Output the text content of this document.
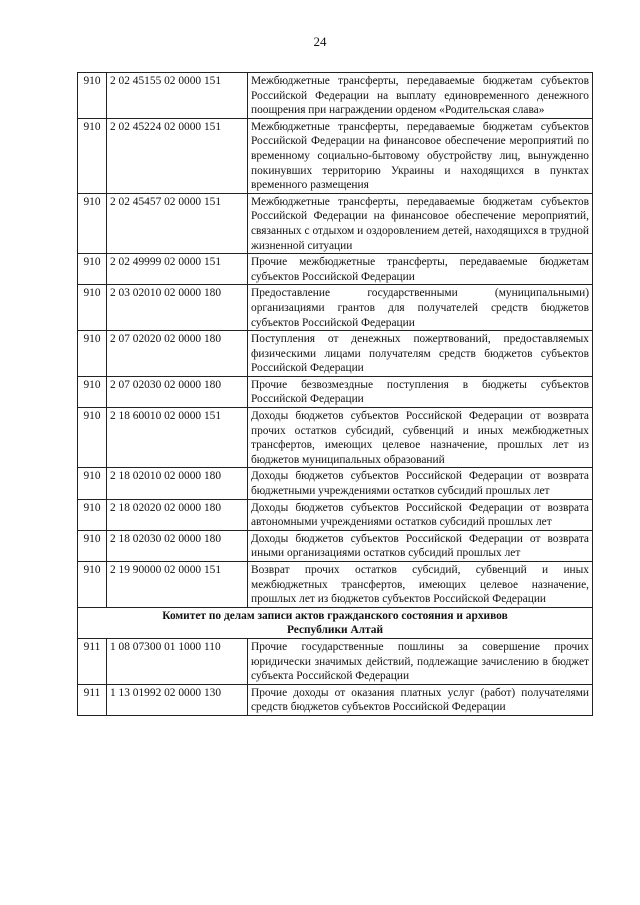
24
910	2 02 45155 02 0000 151	Межбюджетные трансферты, передаваемые бюджетам субъектов Российской Федерации на выплату единовременного денежного поощрения при награждении орденом «Родительская слава»
910	2 02 45224 02 0000 151	Межбюджетные трансферты, передаваемые бюджетам субъектов Российской Федерации на финансовое обеспечение мероприятий по временному социально-бытовому обустройству лиц, вынужденно покинувших территорию Украины и находящихся в пунктах временного размещения
910	2 02 45457 02 0000 151	Межбюджетные трансферты, передаваемые бюджетам субъектов Российской Федерации на финансовое обеспечение мероприятий, связанных с отдыхом и оздоровлением детей, находящихся в трудной жизненной ситуации
910	2 02 49999 02 0000 151	Прочие межбюджетные трансферты, передаваемые бюджетам субъектов Российской Федерации
910	2 03 02010 02 0000 180	Предоставление государственными (муниципальными) организациями грантов для получателей средств бюджетов субъектов Российской Федерации
910	2 07 02020 02 0000 180	Поступления от денежных пожертвований, предоставляемых физическими лицами получателям средств бюджетов субъектов Российской Федерации
910	2 07 02030 02 0000 180	Прочие безвозмездные поступления в бюджеты субъектов Российской Федерации
910	2 18 60010 02 0000 151	Доходы бюджетов субъектов Российской Федерации от возврата прочих остатков субсидий, субвенций и иных межбюджетных трансфертов, имеющих целевое назначение, прошлых лет из бюджетов муниципальных образований
910	2 18 02010 02 0000 180	Доходы бюджетов субъектов Российской Федерации от возврата бюджетными учреждениями остатков субсидий прошлых лет
910	2 18 02020 02 0000 180	Доходы бюджетов субъектов Российской Федерации от возврата автономными учреждениями остатков субсидий прошлых лет
910	2 18 02030 02 0000 180	Доходы бюджетов субъектов Российской Федерации от возврата иными организациями остатков субсидий прошлых лет
910	2 19 90000 02 0000 151	Возврат прочих остатков субсидий, субвенций и иных межбюджетных трансфертов, имеющих целевое назначение, прошлых лет из бюджетов субъектов Российской Федерации

Комитет по делам записи актов гражданского состояния и архивов
Республики Алтай		

911	1 08 07300 01 1000 110	Прочие государственные пошлины за совершение прочих юридически значимых действий, подлежащие зачислению в бюджет субъекта Российской Федерации
911	1 13 01992 02 0000 130	Прочие доходы от оказания платных услуг (работ) получателями средств бюджетов субъектов Российской Федерации
